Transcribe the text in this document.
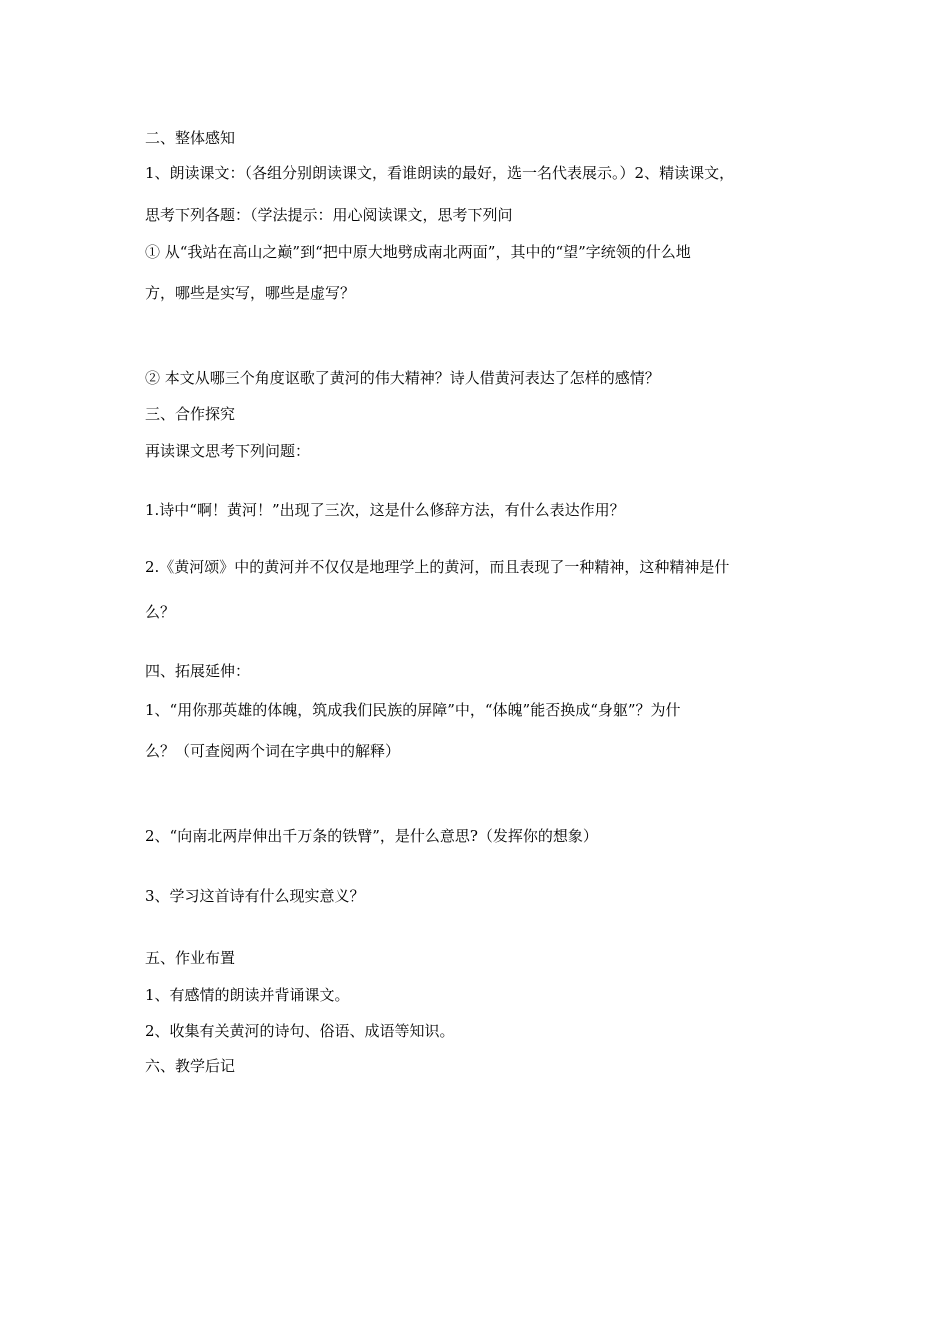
二、整体感知
1、朗读课文：（各组分别朗读课文，看谁朗读的最好，选一名代表展示。）2、精读课文，
思考下列各题：（学法提示：用心阅读课文，思考下列问
① 从“我站在高山之巅”到“把中原大地劈成南北两面”，其中的“望”字统领的什么地
方，哪些是实写，哪些是虚写？
② 本文从哪三个角度讴歌了黄河的伟大精神？诗人借黄河表达了怎样的感情？
三、合作探究
再读课文思考下列问题：
1.诗中“啊！黄河！”出现了三次，这是什么修辞方法，有什么表达作用？
2.《黄河颂》中的黄河并不仅仅是地理学上的黄河，而且表现了一种精神，这种精神是什
么？
四、拓展延伸：
1、“用你那英雄的体魄，筑成我们民族的屏障”中，“体魄”能否换成“身躯”？为什
么？（可查阅两个词在字典中的解释）
2、“向南北两岸伸出千万条的铁臂”，是什么意思?（发挥你的想象）
3、学习这首诗有什么现实意义？
五、作业布置
1、有感情的朗读并背诵课文。
2、收集有关黄河的诗句、俗语、成语等知识。
六、教学后记
